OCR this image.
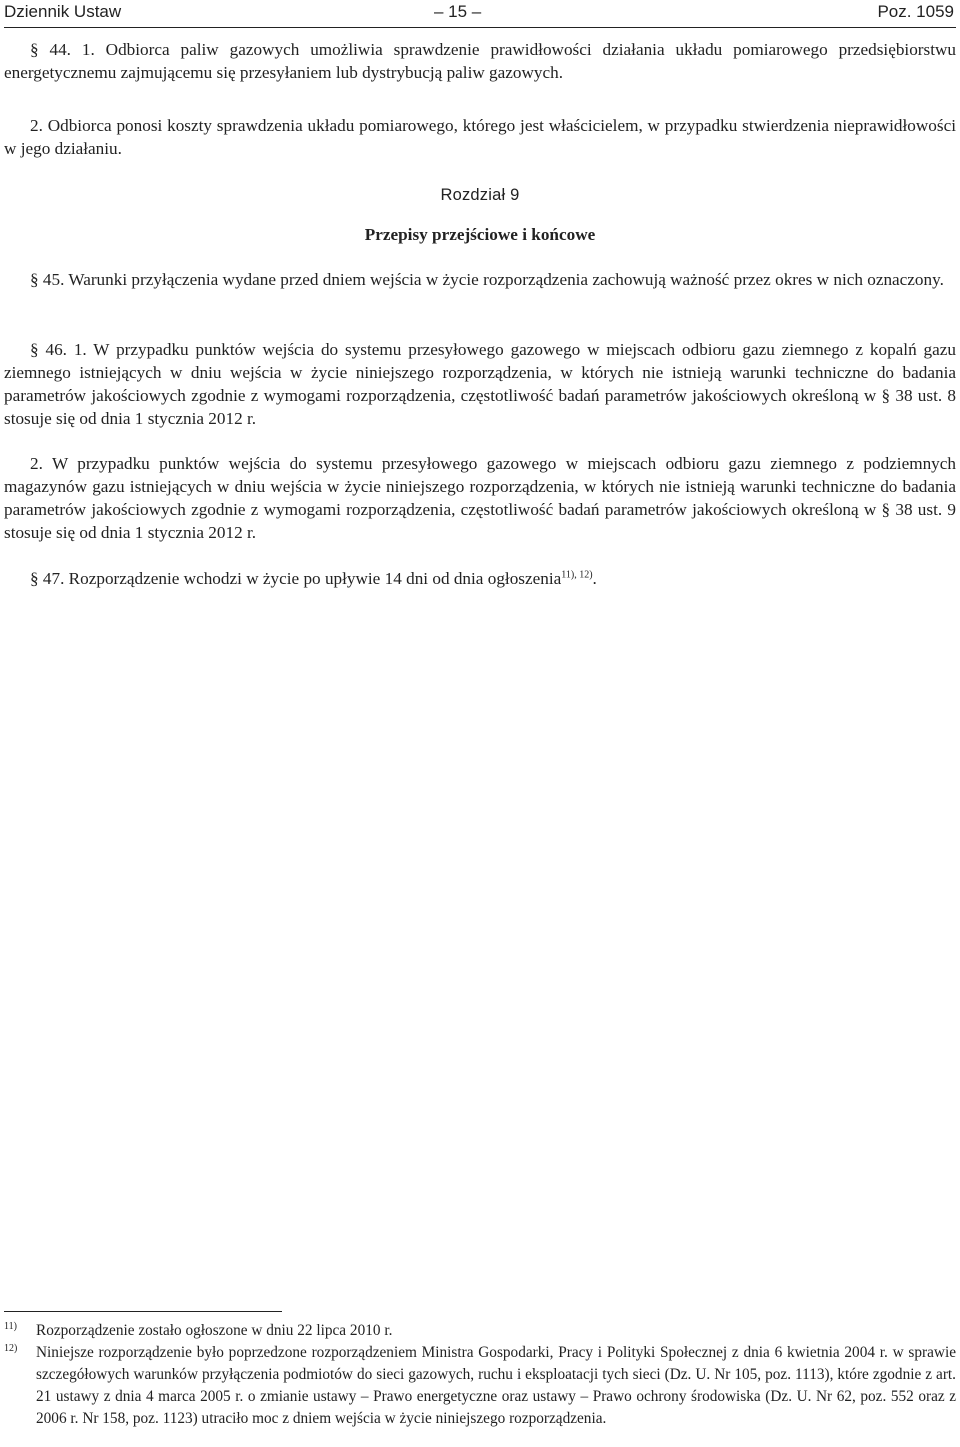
Dziennik Ustaw	– 15 –	Poz. 1059

§ 44. 1. Odbiorca paliw gazowych umożliwia sprawdzenie prawidłowości działania układu pomiarowego przedsiębiorstwu energetycznemu zajmującemu się przesyłaniem lub dystrybucją paliw gazowych.

2. Odbiorca ponosi koszty sprawdzenia układu pomiarowego, którego jest właścicielem, w przypadku stwierdzenia nieprawidłowości w jego działaniu.

Rozdział 9

Przepisy przejściowe i końcowe

§ 45. Warunki przyłączenia wydane przed dniem wejścia w życie rozporządzenia zachowują ważność przez okres w nich oznaczony.

§ 46. 1. W przypadku punktów wejścia do systemu przesyłowego gazowego w miejscach odbioru gazu ziemnego z kopalń gazu ziemnego istniejących w dniu wejścia w życie niniejszego rozporządzenia, w których nie istnieją warunki techniczne do badania parametrów jakościowych zgodnie z wymogami rozporządzenia, częstotliwość badań parametrów jakościowych określoną w § 38 ust. 8 stosuje się od dnia 1 stycznia 2012 r.

2. W przypadku punktów wejścia do systemu przesyłowego gazowego w miejscach odbioru gazu ziemnego z podziemnych magazynów gazu istniejących w dniu wejścia w życie niniejszego rozporządzenia, w których nie istnieją warunki techniczne do badania parametrów jakościowych zgodnie z wymogami rozporządzenia, częstotliwość badań parametrów jakościowych określoną w § 38 ust. 9 stosuje się od dnia 1 stycznia 2012 r.

§ 47. Rozporządzenie wchodzi w życie po upływie 14 dni od dnia ogłoszenia$^{11), 12)}$.

11) Rozporządzenie zostało ogłoszone w dniu 22 lipca 2010 r.

12) Niniejsze rozporządzenie było poprzedzone rozporządzeniem Ministra Gospodarki, Pracy i Polityki Społecznej z dnia 6 kwietnia 2004 r. w sprawie szczegółowych warunków przyłączenia podmiotów do sieci gazowych, ruchu i eksploatacji tych sieci (Dz. U. Nr 105, poz. 1113), które zgodnie z art. 21 ustawy z dnia 4 marca 2005 r. o zmianie ustawy – Prawo energetyczne oraz ustawy – Prawo ochrony środowiska (Dz. U. Nr 62, poz. 552 oraz z 2006 r. Nr 158, poz. 1123) utraciło moc z dniem wejścia w życie niniejszego rozporządzenia.
